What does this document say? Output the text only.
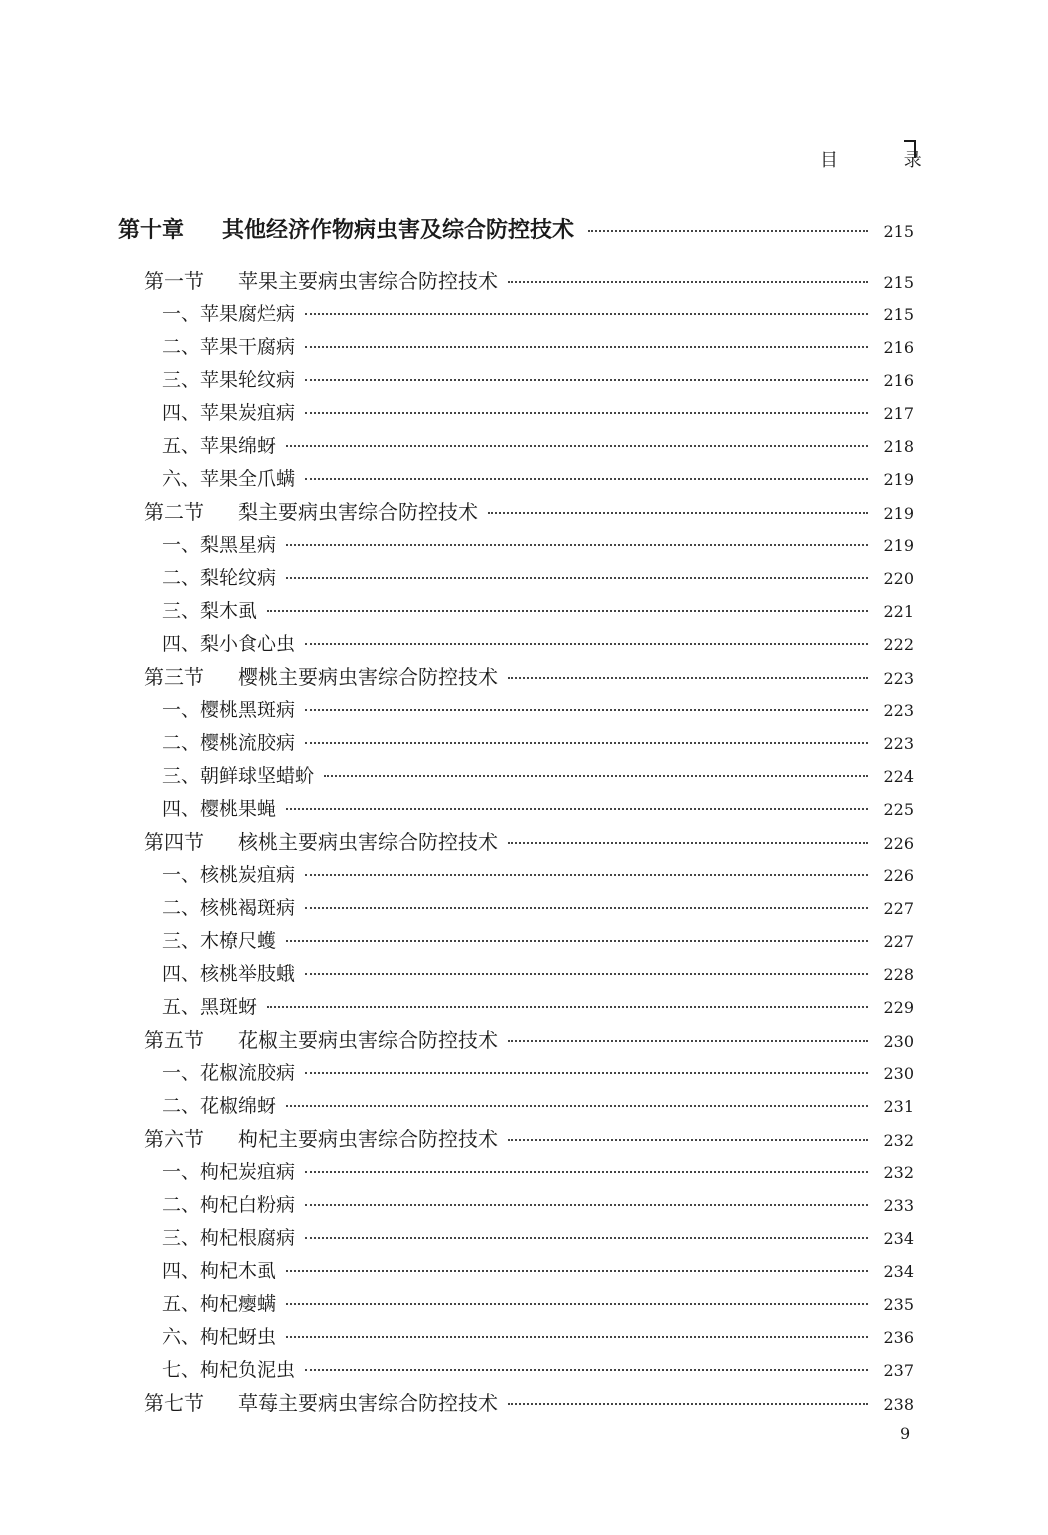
目 录
第十章 其他经济作物病虫害及综合防控技术	215
第一节 苹果主要病虫害综合防控技术	215
一、苹果腐烂病	215
二、苹果干腐病	216
三、苹果轮纹病	216
四、苹果炭疽病	217
五、苹果绵蚜	218
六、苹果全爪螨	219
第二节 梨主要病虫害综合防控技术	219
一、梨黑星病	219
二、梨轮纹病	220
三、梨木虱	221
四、梨小食心虫	222
第三节 樱桃主要病虫害综合防控技术	223
一、樱桃黑斑病	223
二、樱桃流胶病	223
三、朝鲜球坚蜡蚧	224
四、樱桃果蝇	225
第四节 核桃主要病虫害综合防控技术	226
一、核桃炭疽病	226
二、核桃褐斑病	227
三、木橑尺蠖	227
四、核桃举肢蛾	228
五、黑斑蚜	229
第五节 花椒主要病虫害综合防控技术	230
一、花椒流胶病	230
二、花椒绵蚜	231
第六节 枸杞主要病虫害综合防控技术	232
一、枸杞炭疽病	232
二、枸杞白粉病	233
三、枸杞根腐病	234
四、枸杞木虱	234
五、枸杞瘿螨	235
六、枸杞蚜虫	236
七、枸杞负泥虫	237
第七节 草莓主要病虫害综合防控技术	238
9
